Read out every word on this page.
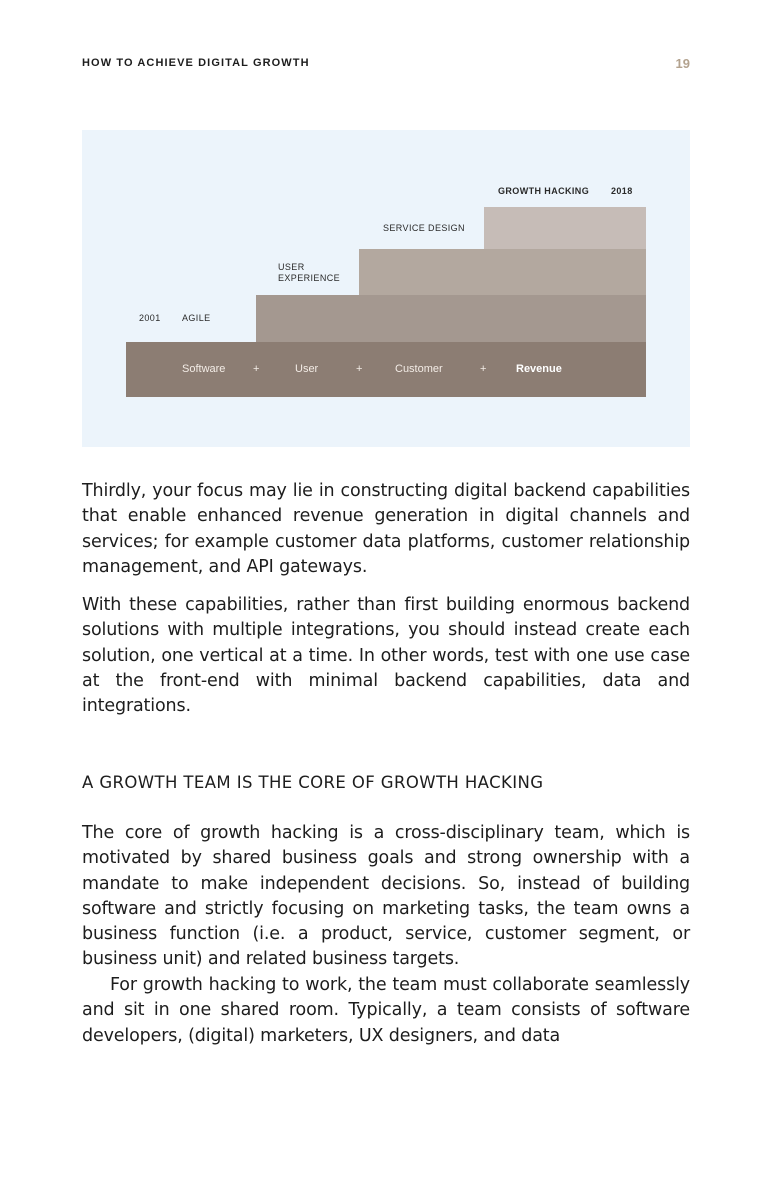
HOW TO ACHIEVE DIGITAL GROWTH	19
2001 AGILE
USER
EXPERIENCE
SERVICE DESIGN
GROWTH HACKING 2018
Software	+	User	+	Customer	+	Revenue

Thirdly, your focus may lie in constructing digital backend capabilities that enable enhanced revenue generation in digital channels and services; for example customer data platforms, customer relationship management, and API gateways.

With these capabilities, rather than first building enormous backend solutions with multiple integrations, you should instead create each solution, one vertical at a time. In other words, test with one use case at the front-end with minimal backend capabilities, data and integrations.

A GROWTH TEAM IS THE CORE OF GROWTH HACKING

The core of growth hacking is a cross-disciplinary team, which is motivated by shared business goals and strong ownership with a mandate to make independent decisions. So, instead of building software and strictly focusing on marketing tasks, the team owns a business function (i.e. a product, service, customer segment, or business unit) and related business targets.

For growth hacking to work, the team must collaborate seamlessly and sit in one shared room. Typically, a team consists of software developers, (digital) marketers, UX designers, and data
